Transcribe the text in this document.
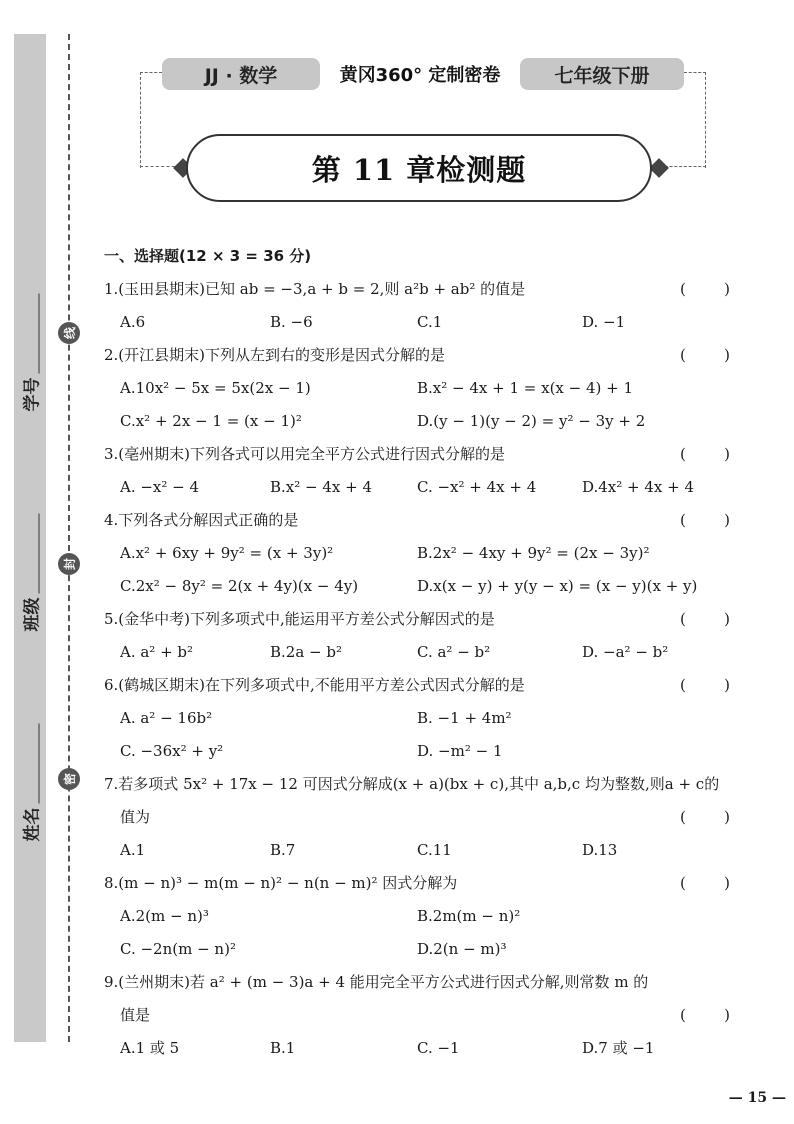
学号
班级
姓名
线
封
密
JJ · 数学	黄冈360° 定制密卷	七年级下册
第 11 章检测题
一、选择题(12 × 3 = 36 分)
1.(玉田县期末)已知 ab = −3,a + b = 2,则 a²b + ab² 的值是	(	)
A.6	B. −6	C.1	D. −1
2.(开江县期末)下列从左到右的变形是因式分解的是	(	)
A.10x² − 5x = 5x(2x − 1)	B.x² − 4x + 1 = x(x − 4) + 1
C.x² + 2x − 1 = (x − 1)²	D.(y − 1)(y − 2) = y² − 3y + 2
3.(亳州期末)下列各式可以用完全平方公式进行因式分解的是	(	)
A. −x² − 4	B.x² − 4x + 4	C. −x² + 4x + 4	D.4x² + 4x + 4
4.下列各式分解因式正确的是	(	)
A.x² + 6xy + 9y² = (x + 3y)²	B.2x² − 4xy + 9y² = (2x − 3y)²
C.2x² − 8y² = 2(x + 4y)(x − 4y)	D.x(x − y) + y(y − x) = (x − y)(x + y)
5.(金华中考)下列多项式中,能运用平方差公式分解因式的是	(	)
A. a² + b²	B.2a − b²	C. a² − b²	D. −a² − b²
6.(鹤城区期末)在下列多项式中,不能用平方差公式因式分解的是	(	)
A. a² − 16b²	B. −1 + 4m²
C. −36x² + y²	D. −m² − 1
7.若多项式 5x² + 17x − 12 可因式分解成(x + a)(bx + c),其中 a,b,c 均为整数,则a + c的
值为	(	)
A.1	B.7	C.11	D.13
8.(m − n)³ − m(m − n)² − n(n − m)² 因式分解为	(	)
A.2(m − n)³	B.2m(m − n)²
C. −2n(m − n)²	D.2(n − m)³
9.(兰州期末)若 a² + (m − 3)a + 4 能用完全平方公式进行因式分解,则常数 m 的
值是	(	)
A.1 或 5	B.1	C. −1	D.7 或 −1
— 15 —
